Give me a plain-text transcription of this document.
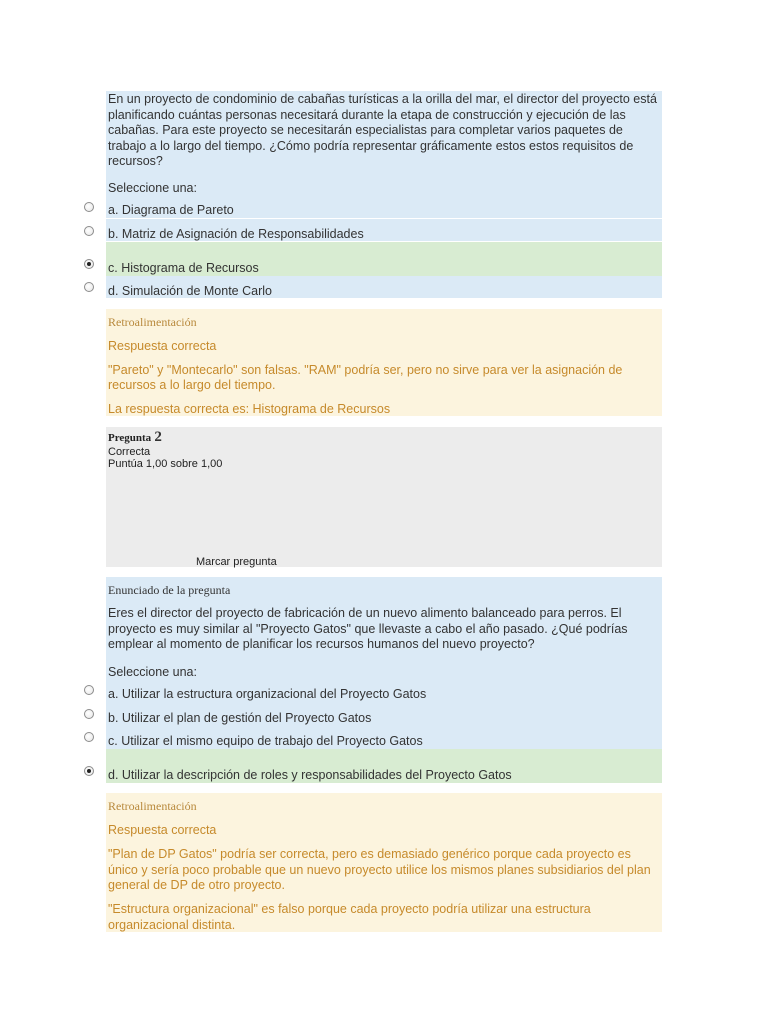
En un proyecto de condominio de cabañas turísticas a la orilla del mar, el director del proyecto está planificando cuántas personas necesitará durante la etapa de construcción y ejecución de las cabañas. Para este proyecto se necesitarán especialistas para completar varios paquetes de trabajo a lo largo del tiempo. ¿Cómo podría representar gráficamente estos estos requisitos de recursos?
Seleccione una:
a. Diagrama de Pareto
b. Matriz de Asignación de Responsabilidades
c. Histograma de Recursos
d. Simulación de Monte Carlo
Retroalimentación
Respuesta correcta
"Pareto" y "Montecarlo" son falsas. "RAM" podría ser, pero no sirve para ver la asignación de
recursos a lo largo del tiempo.
La respuesta correcta es: Histograma de Recursos
Pregunta 2
Correcta
Puntúa 1,00 sobre 1,00
Marcar pregunta
Enunciado de la pregunta
Eres el director del proyecto de fabricación de un nuevo alimento balanceado para perros. El proyecto es muy similar al "Proyecto Gatos" que llevaste a cabo el año pasado. ¿Qué podrías emplear al momento de planificar los recursos humanos del nuevo proyecto?
Seleccione una:
a. Utilizar la estructura organizacional del Proyecto Gatos
b. Utilizar el plan de gestión del Proyecto Gatos
c. Utilizar el mismo equipo de trabajo del Proyecto Gatos
d. Utilizar la descripción de roles y responsabilidades del Proyecto Gatos
Retroalimentación
Respuesta correcta
"Plan de DP Gatos" podría ser correcta, pero es demasiado genérico porque cada proyecto es único y sería poco probable que un nuevo proyecto utilice los mismos planes subsidiarios del plan general de DP de otro proyecto.
"Estructura organizacional" es falso porque cada proyecto podría utilizar una estructura organizacional distinta.
